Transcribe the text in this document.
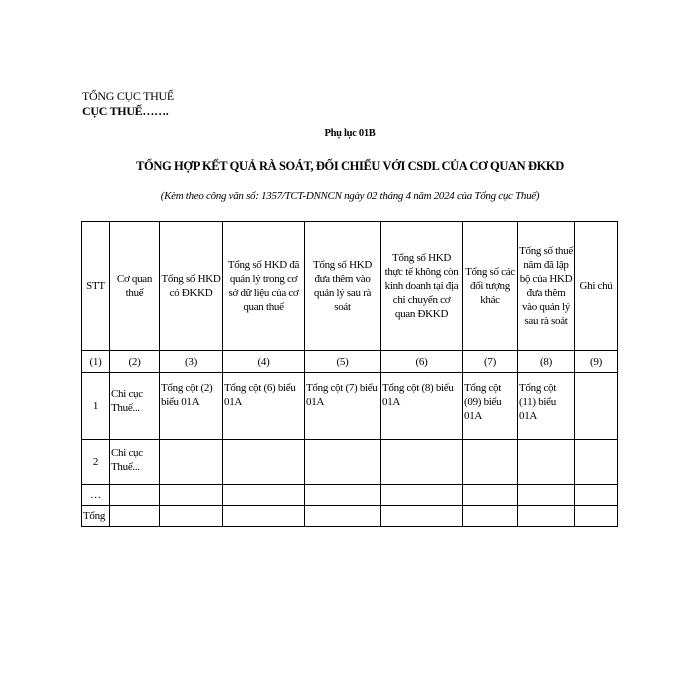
TỔNG CỤC THUẾ
CỤC THUẾ…….
Phụ lục 01B
TỔNG HỢP KẾT QUẢ RÀ SOÁT, ĐỐI CHIẾU VỚI CSDL CỦA CƠ QUAN ĐKKD
(Kèm theo công văn số: 1357/TCT-DNNCN ngày 02 tháng 4 năm 2024 của Tổng cục Thuế)
STT	Cơ quan thuế	Tổng số HKD có ĐKKD	Tổng số HKD đã quản lý trong cơ sở dữ liệu của cơ quan thuế	Tổng số HKD đưa thêm vào quản lý sau rà soát	Tổng số HKD thực tế không còn kinh doanh tại địa chỉ chuyển cơ quan ĐKKD	Tổng số các đối tượng khác	Tổng số thuế năm đã lập bộ của HKD đưa thêm vào quản lý sau rà soát	Ghi chú
(1)	(2)	(3)	(4)	(5)	(6)	(7)	(8)	(9)
1	Chi cục Thuế...	Tổng cột (2) biểu 01A	Tổng cột (6) biểu 01A	Tổng cột (7) biểu 01A	Tổng cột (8) biểu 01A	Tổng cột (09) biểu 01A	Tổng cột (11) biểu 01A	
2	Chi cục Thuế...							
…								
Tổng								
